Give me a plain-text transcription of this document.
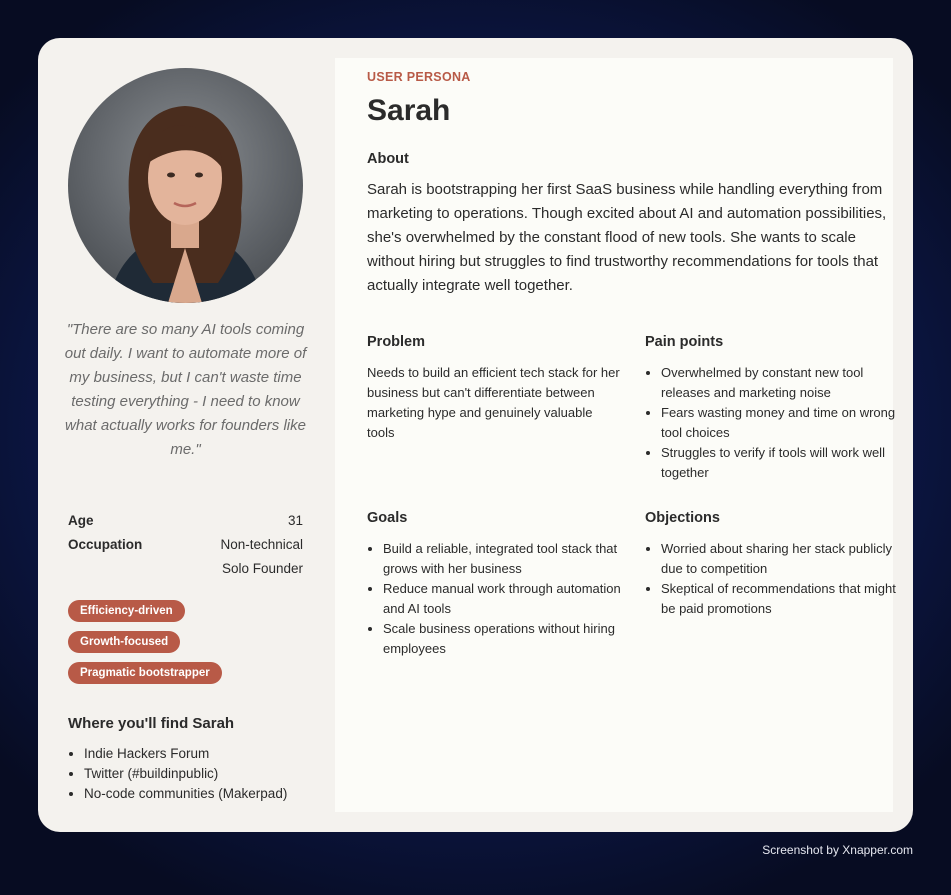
"There are so many AI tools coming out daily. I want to automate more of my business, but I can't waste time testing everything - I need to know what actually works for founders like me."
Age	31
Occupation	Non-technical
Solo Founder
Efficiency-driven
Growth-focused
Pragmatic bootstrapper
Where you'll find Sarah
• Indie Hackers Forum
• Twitter (#buildinpublic)
• No-code communities (Makerpad)
USER PERSONA
Sarah
About
Sarah is bootstrapping her first SaaS business while handling everything from marketing to operations. Though excited about AI and automation possibilities, she's overwhelmed by the constant flood of new tools. She wants to scale without hiring but struggles to find trustworthy recommendations for tools that actually integrate well together.
Problem

Needs to build an efficient tech stack for her business but can't differentiate between marketing hype and genuinely valuable tools

Pain points
• Overwhelmed by constant new tool releases and marketing noise
• Fears wasting money and time on wrong tool choices
• Struggles to verify if tools will work well together
Goals
• Build a reliable, integrated tool stack that grows with her business
• Reduce manual work through automation and AI tools
• Scale business operations without hiring employees
Objections
• Worried about sharing her stack publicly due to competition
• Skeptical of recommendations that might be paid promotions
Screenshot by Xnapper.com
